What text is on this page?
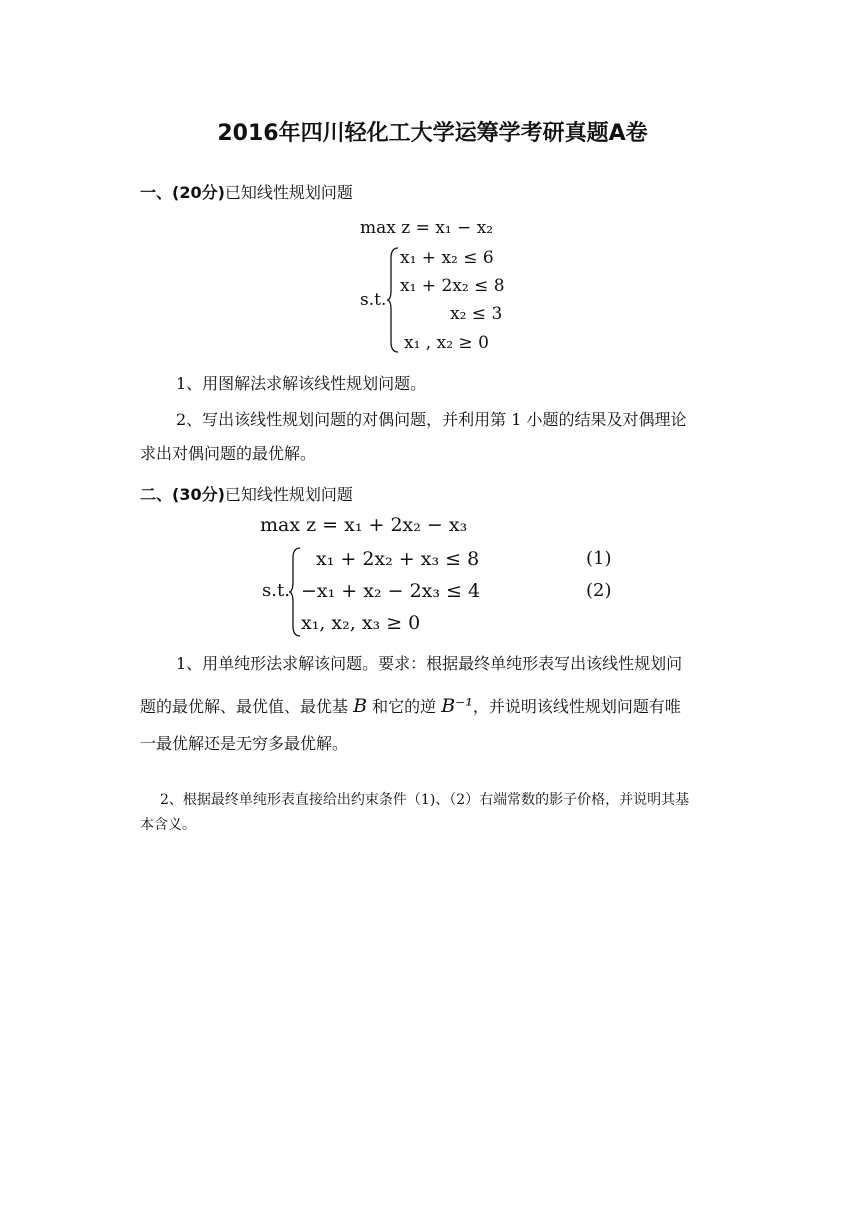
2016年四川轻化工大学运筹学考研真题A卷
一、(20分)已知线性规划问题
max z = x₁ − x₂
s.t.
x₁ + x₂ ≤ 6
x₁ + 2x₂ ≤ 8
x₂ ≤ 3
x₁ , x₂ ≥ 0
1、用图解法求解该线性规划问题。
2、写出该线性规划问题的对偶问题，并利用第 1 小题的结果及对偶理论
求出对偶问题的最优解。
二、(30分)已知线性规划问题
max z = x₁ + 2x₂ − x₃
s.t.
x₁ + 2x₂ + x₃ ≤ 8
−x₁ + x₂ − 2x₃ ≤ 4
x₁, x₂, x₃ ≥ 0
(1)
(2)
1、用单纯形法求解该问题。要求：根据最终单纯形表写出该线性规划问
题的最优解、最优值、最优基 B 和它的逆 B⁻¹，并说明该线性规划问题有唯
一最优解还是无穷多最优解。
2、根据最终单纯形表直接给出约束条件（1)、（2）右端常数的影子价格，并说明其基
本含义。
